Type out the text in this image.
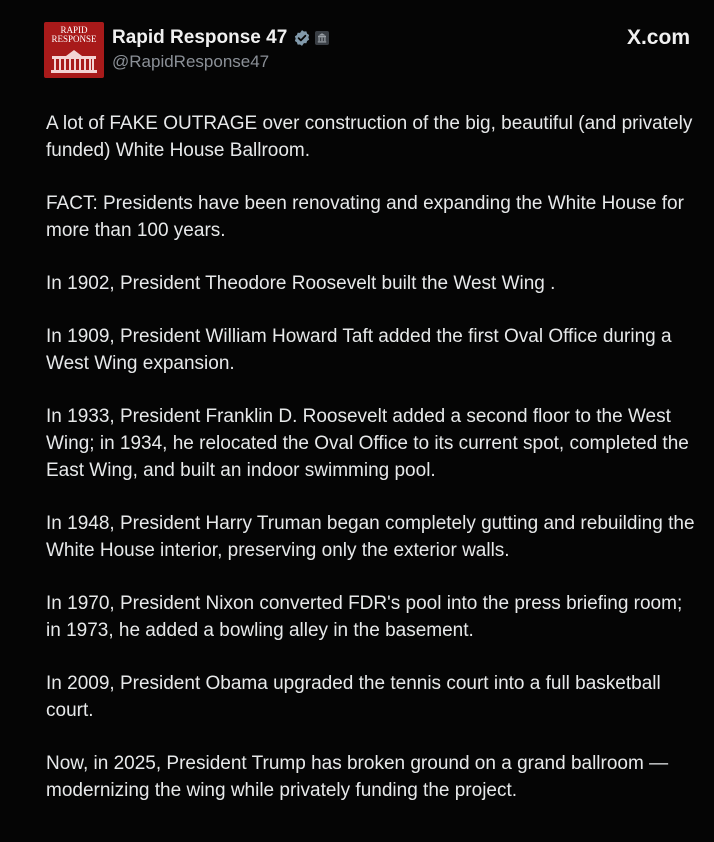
RAPID
RESPONSE Rapid Response 47
@RapidResponse47
X.com

A lot of FAKE OUTRAGE over construction of the big, beautiful (and privately funded) White House Ballroom.

FACT: Presidents have been renovating and expanding the White House for more than 100 years.

In 1902, President Theodore Roosevelt built the West Wing .

In 1909, President William Howard Taft added the first Oval Office during a West Wing expansion.

In 1933, President Franklin D. Roosevelt added a second floor to the West Wing; in 1934, he relocated the Oval Office to its current spot, completed the East Wing, and built an indoor swimming pool.

In 1948, President Harry Truman began completely gutting and rebuilding the White House interior, preserving only the exterior walls.

In 1970, President Nixon converted FDR's pool into the press briefing room; in 1973, he added a bowling alley in the basement.

In 2009, President Obama upgraded the tennis court into a full basketball court.

Now, in 2025, President Trump has broken ground on a grand ballroom — modernizing the wing while privately funding the project.
